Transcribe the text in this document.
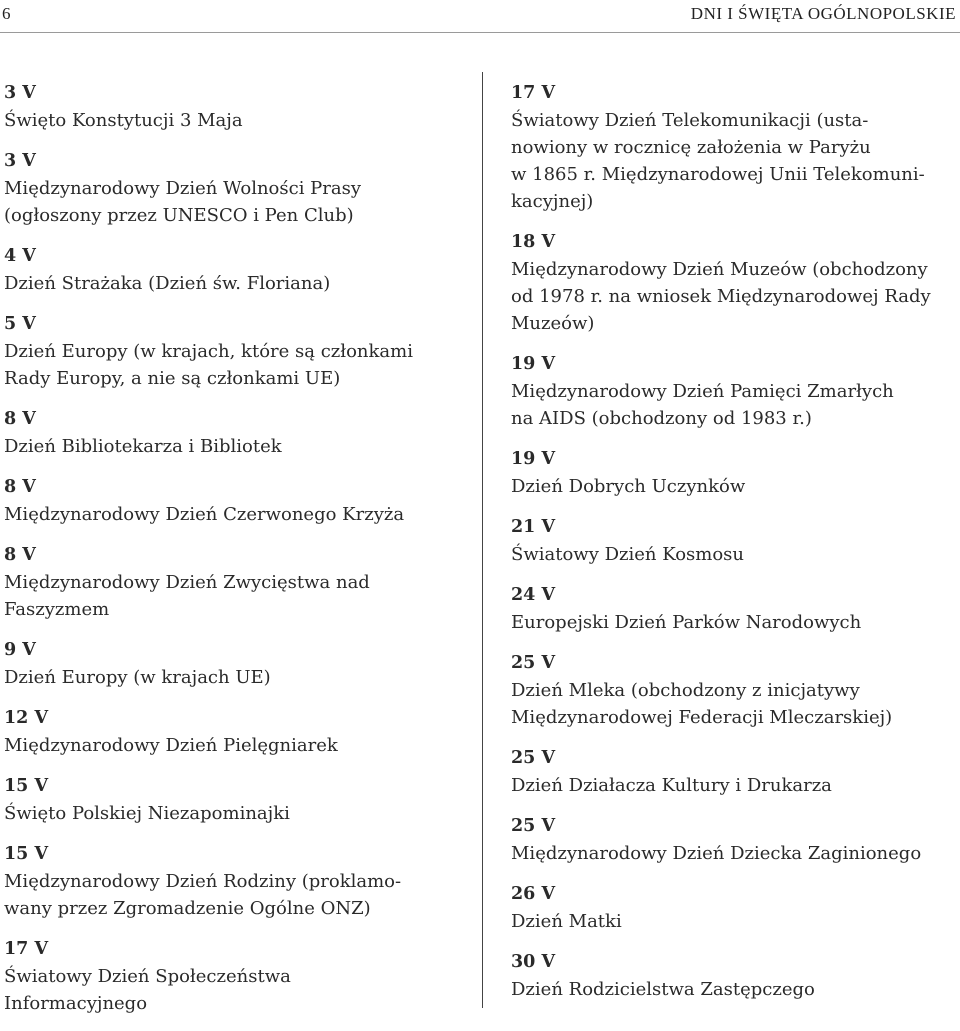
6	DNI I ŚWIĘTA OGÓLNOPOLSKIE
3 V
Święto Konstytucji 3 Maja
3 V
Międzynarodowy Dzień Wolności Prasy
(ogłoszony przez UNESCO i Pen Club)
4 V
Dzień Strażaka (Dzień św. Floriana)
5 V
Dzień Europy (w krajach, które są członkami
Rady Europy, a nie są członkami UE)
8 V
Dzień Bibliotekarza i Bibliotek
8 V
Międzynarodowy Dzień Czerwonego Krzyża
8 V
Międzynarodowy Dzień Zwycięstwa nad
Faszyzmem
9 V
Dzień Europy (w krajach UE)
12 V
Międzynarodowy Dzień Pielęgniarek
15 V
Święto Polskiej Niezapominajki
15 V
Międzynarodowy Dzień Rodziny (proklamo-
wany przez Zgromadzenie Ogólne ONZ)
17 V
Światowy Dzień Społeczeństwa
Informacyjnego
17 V
Światowy Dzień Telekomunikacji (usta-
nowiony w rocznicę założenia w Paryżu
w 1865 r. Międzynarodowej Unii Telekomuni-
kacyjnej)
18 V
Międzynarodowy Dzień Muzeów (obchodzony
od 1978 r. na wniosek Międzynarodowej Rady
Muzeów)
19 V
Międzynarodowy Dzień Pamięci Zmarłych
na AIDS (obchodzony od 1983 r.)
19 V
Dzień Dobrych Uczynków
21 V
Światowy Dzień Kosmosu
24 V
Europejski Dzień Parków Narodowych
25 V
Dzień Mleka (obchodzony z inicjatywy
Międzynarodowej Federacji Mleczarskiej)
25 V
Dzień Działacza Kultury i Drukarza
25 V
Międzynarodowy Dzień Dziecka Zaginionego
26 V
Dzień Matki
30 V
Dzień Rodzicielstwa Zastępczego
